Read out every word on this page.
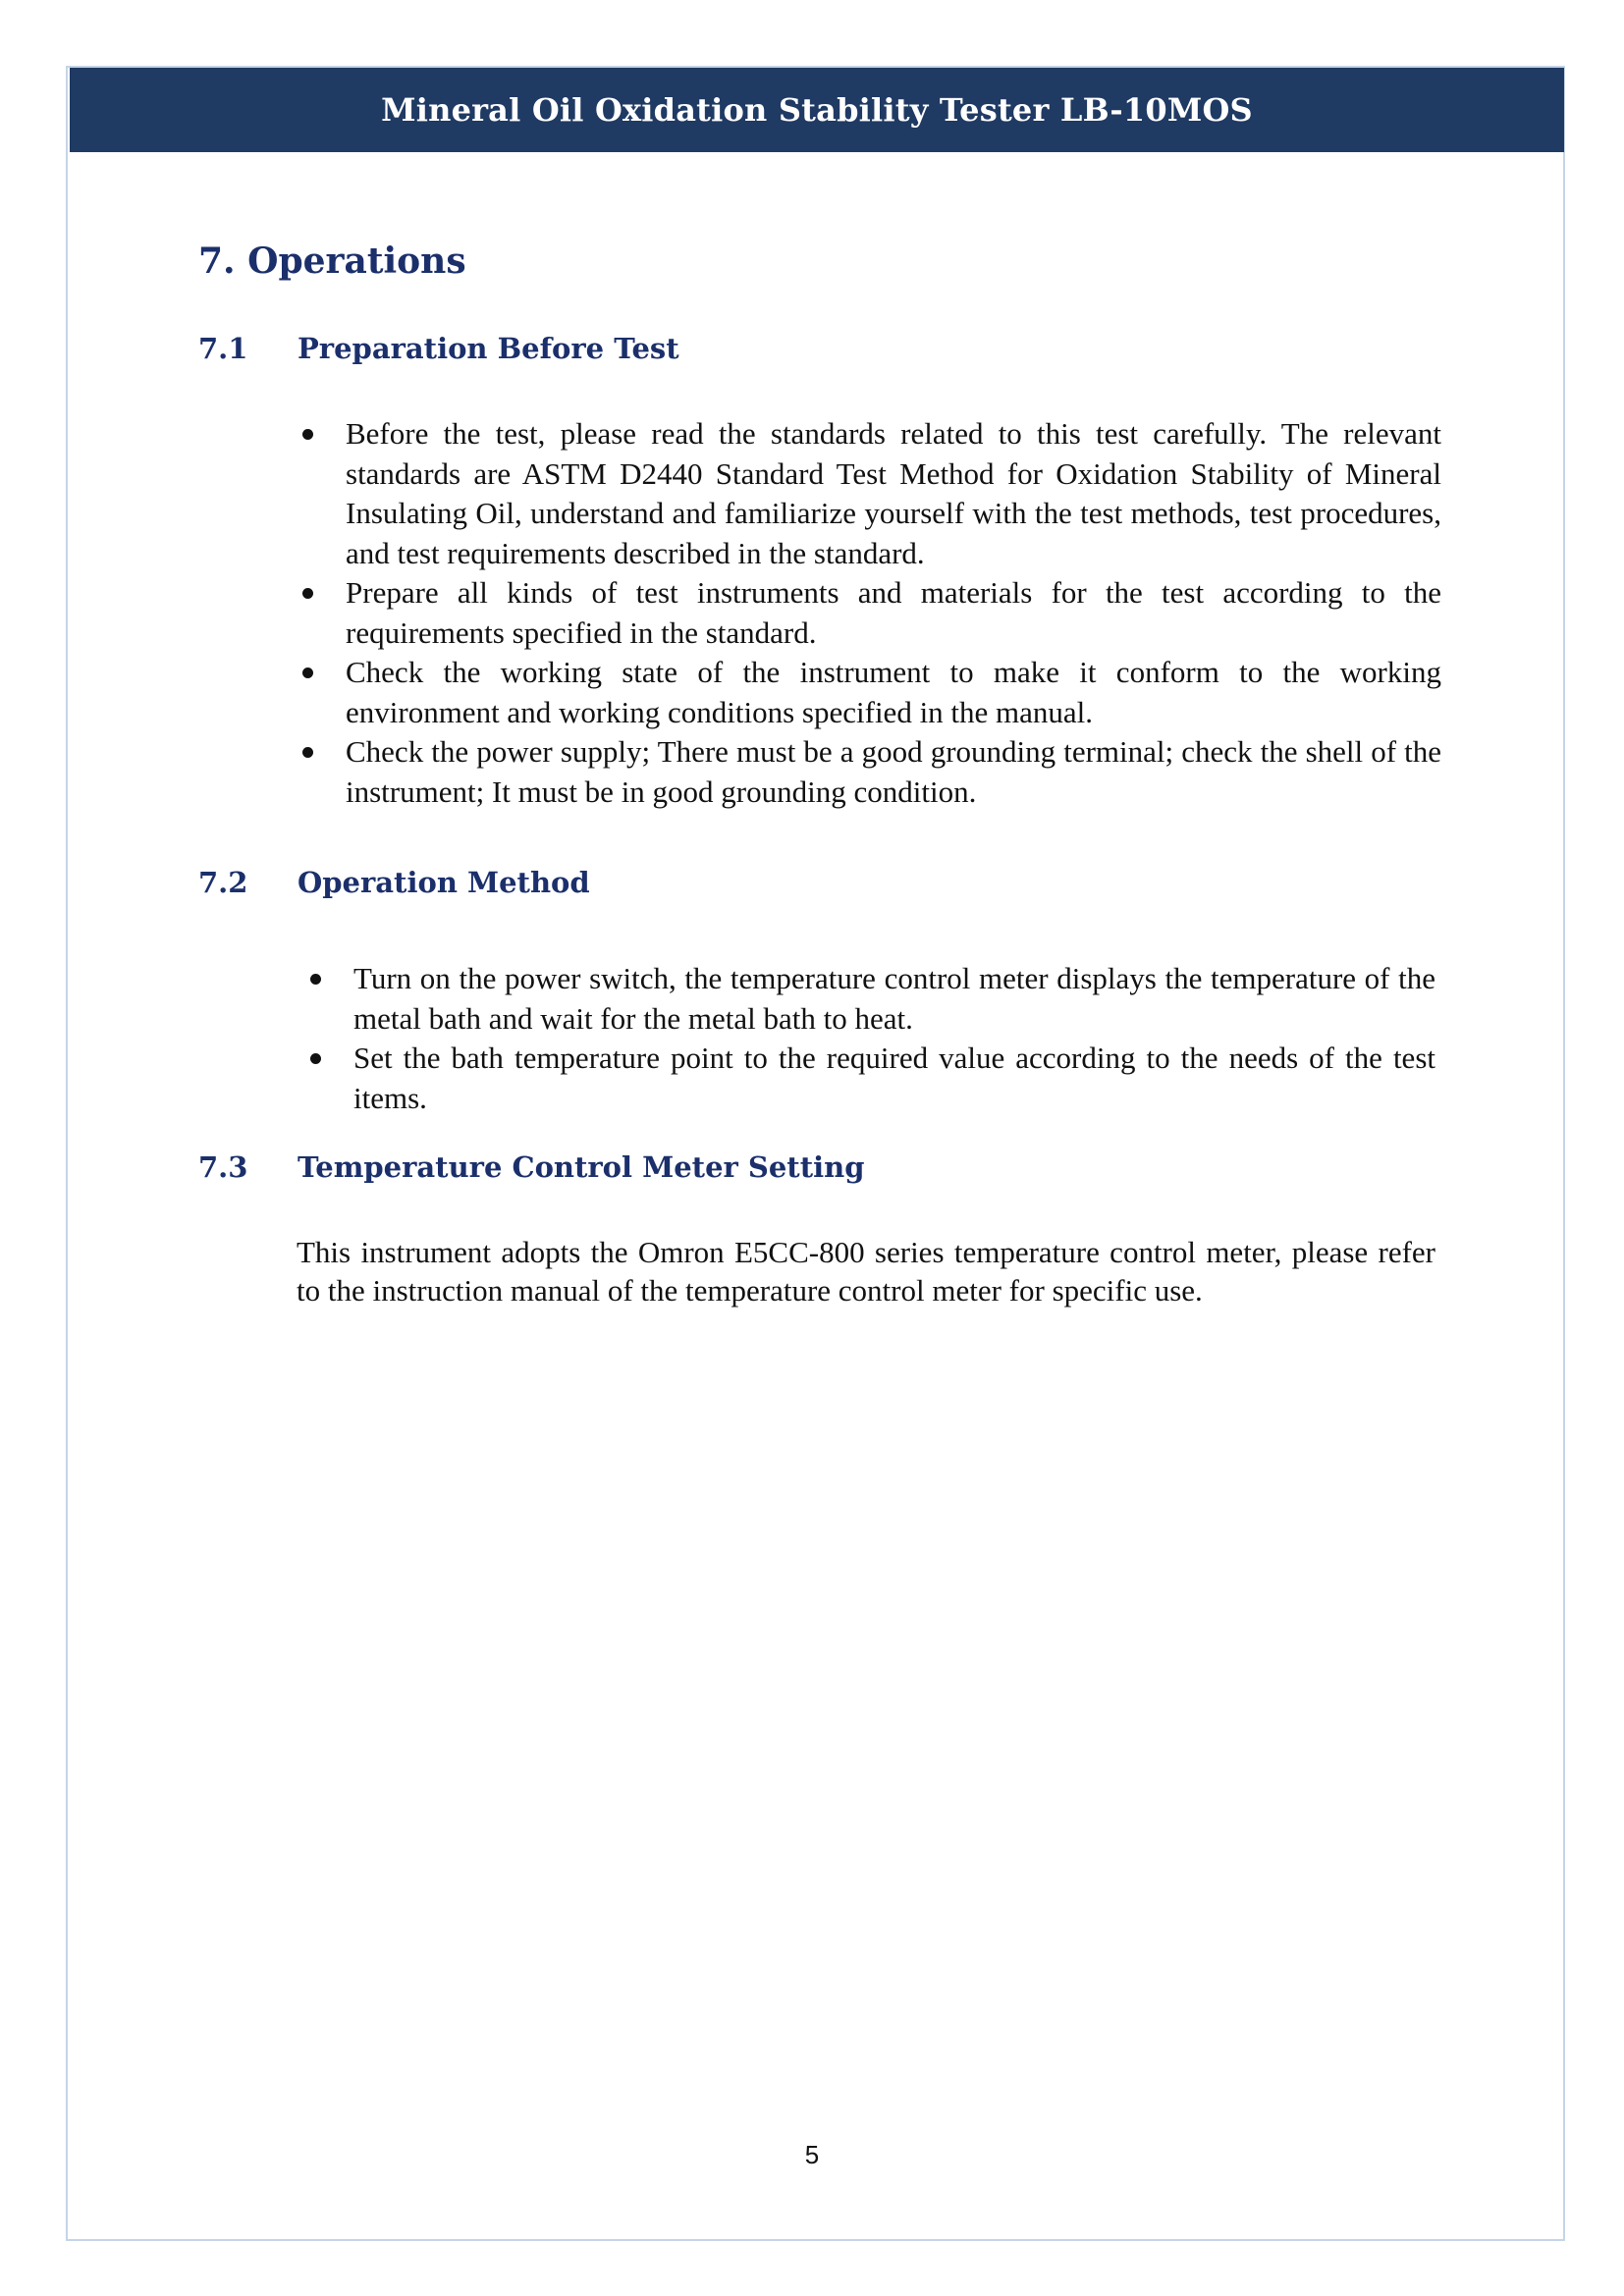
Mineral Oil Oxidation Stability Tester LB-10MOS
7. Operations
7.1 Preparation Before Test
Before the test, please read the standards related to this test carefully. The relevant standards are ASTM D2440 Standard Test Method for Oxidation Stability of Mineral Insulating Oil, understand and familiarize yourself with the test methods, test procedures, and test requirements described in the standard.
Prepare all kinds of test instruments and materials for the test according to the requirements specified in the standard.
Check the working state of the instrument to make it conform to the working environment and working conditions specified in the manual.
Check the power supply; There must be a good grounding terminal; check the shell of the instrument; It must be in good grounding condition.
7.2 Operation Method
Turn on the power switch, the temperature control meter displays the temperature of the metal bath and wait for the metal bath to heat.
Set the bath temperature point to the required value according to the needs of the test items.
7.3 Temperature Control Meter Setting

This instrument adopts the Omron E5CC-800 series temperature control meter, please refer to the instruction manual of the temperature control meter for specific use.

5
